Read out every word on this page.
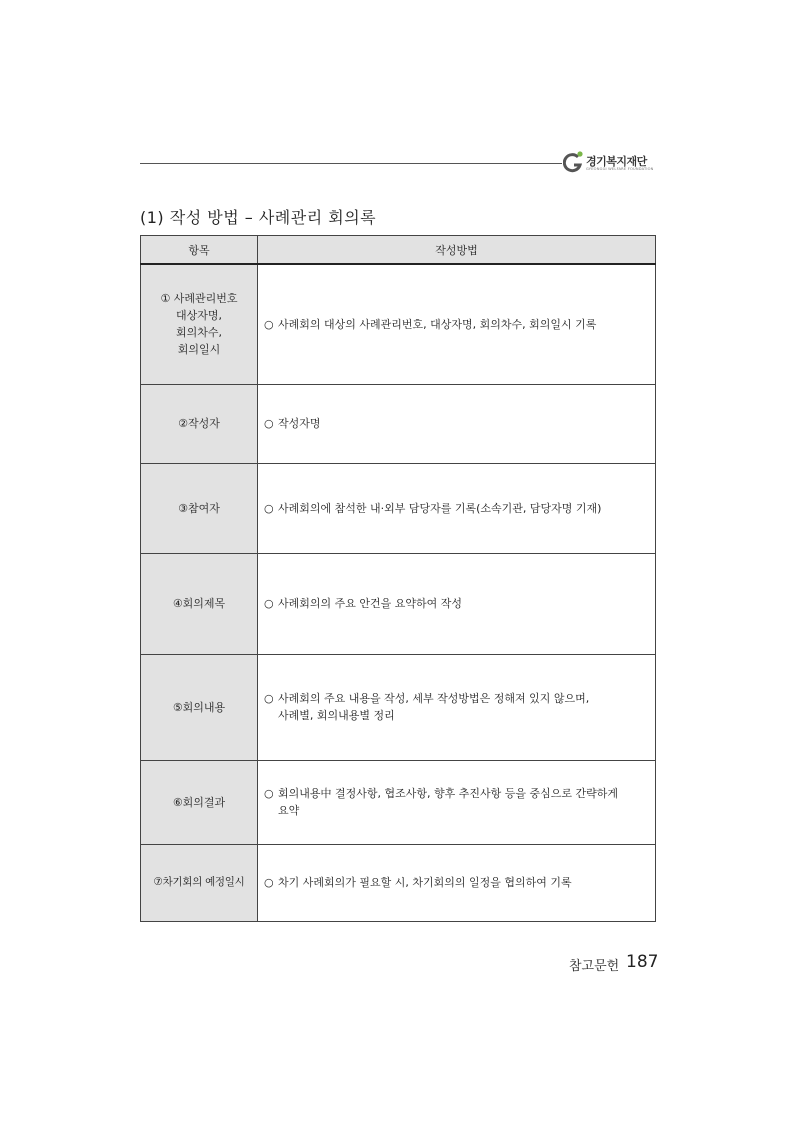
경기복지재단
GYEONGGI WELFARE FOUNDATION
(1) 작성 방법 – 사례관리 회의록
항목	작성방법
① 사례관리번호
대상자명,
회의차수,
회의일시	○ 사례회의 대상의 사례관리번호, 대상자명, 회의차수, 회의일시 기록

②작성자	○ 작성자명

③참여자	○ 사례회의에 참석한 내·외부 담당자를 기록(소속기관, 담당자명 기재)

④회의제목	○ 사례회의의 주요 안건을 요약하여 작성

⑤회의내용	○ 사례회의 주요 내용을 작성, 세부 작성방법은 정해져 있지 않으며,
사례별, 회의내용별 정리

⑥회의결과	○ 회의내용中 결정사항, 협조사항, 향후 추진사항 등을 중심으로 간략하게
요약

⑦차기회의 예정일시	○ 차기 사례회의가 필요할 시, 차기회의의 일정을 협의하여 기록
참고문헌 187
